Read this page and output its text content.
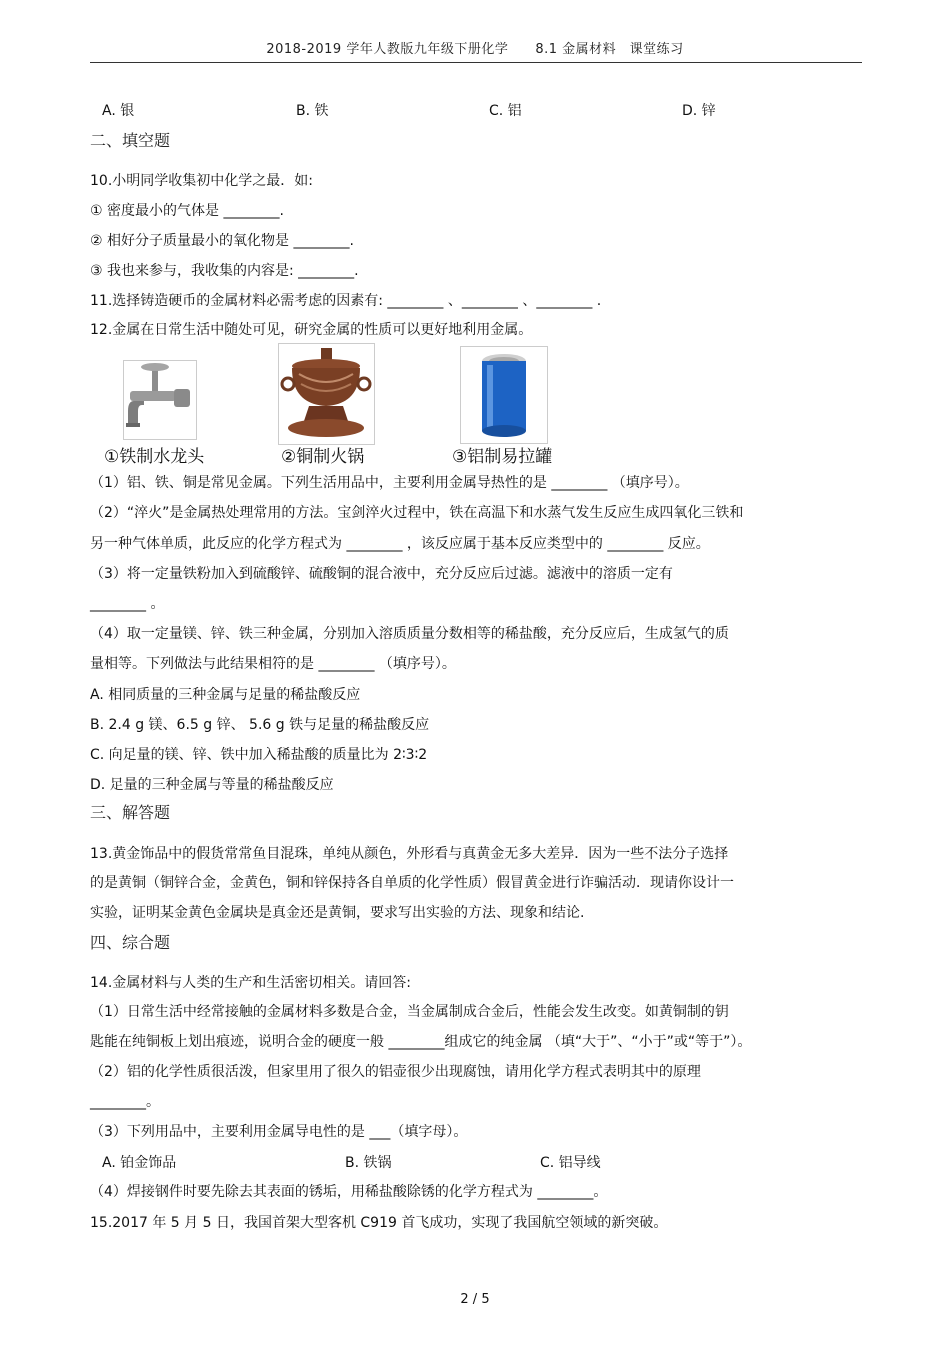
2018-2019 学年人教版九年级下册化学　　8.1 金属材料　课堂练习
A. 银	B. 铁	C. 铝	D. 锌
二、填空题
10.小明同学收集初中化学之最．如:
① 密度最小的气体是 ________.
② 相好分子质量最小的氧化物是 ________.
③ 我也来参与，我收集的内容是: ________.
11.选择铸造硬币的金属材料必需考虑的因素有: ________ 、________ 、________ .
12.金属在日常生活中随处可见，研究金属的性质可以更好地利用金属。
①铁制水龙头	②铜制火锅	③铝制易拉罐
（1）铝、铁、铜是常见金属。下列生活用品中，主要利用金属导热性的是 ________ （填序号）。
（2）“淬火”是金属热处理常用的方法。宝剑淬火过程中，铁在高温下和水蒸气发生反应生成四氧化三铁和
另一种气体单质，此反应的化学方程式为 ________ ，该反应属于基本反应类型中的 ________ 反应。
（3）将一定量铁粉加入到硫酸锌、硫酸铜的混合液中，充分反应后过滤。滤液中的溶质一定有
________ 。
（4）取一定量镁、锌、铁三种金属，分别加入溶质质量分数相等的稀盐酸，充分反应后，生成氢气的质
量相等。下列做法与此结果相符的是 ________ （填序号）。
A. 相同质量的三种金属与足量的稀盐酸反应
B. 2.4 g 镁、6.5 g 锌、 5.6 g 铁与足量的稀盐酸反应
C. 向足量的镁、锌、铁中加入稀盐酸的质量比为 2∶3∶2
D. 足量的三种金属与等量的稀盐酸反应
三、解答题
13.黄金饰品中的假货常常鱼目混珠，单纯从颜色，外形看与真黄金无多大差异．因为一些不法分子选择
的是黄铜（铜锌合金，金黄色，铜和锌保持各自单质的化学性质）假冒黄金进行诈骗活动．现请你设计一
实验，证明某金黄色金属块是真金还是黄铜，要求写出实验的方法、现象和结论.
四、综合题
14.金属材料与人类的生产和生活密切相关。请回答:
（1）日常生活中经常接触的金属材料多数是合金，当金属制成合金后，性能会发生改变。如黄铜制的钥
匙能在纯铜板上划出痕迹，说明合金的硬度一般 ________组成它的纯金属 （填“大于”、“小于”或“等于”）。
（2）铝的化学性质很活泼，但家里用了很久的铝壶很少出现腐蚀，请用化学方程式表明其中的原理
________。
（3）下列用品中，主要利用金属导电性的是 ___（填字母）。
A. 铂金饰品	B. 铁锅	C. 铝导线
（4）焊接钢件时要先除去其表面的锈垢，用稀盐酸除锈的化学方程式为 ________。
15.2017 年 5 月 5 日，我国首架大型客机 C919 首飞成功，实现了我国航空领域的新突破。
2 / 5
